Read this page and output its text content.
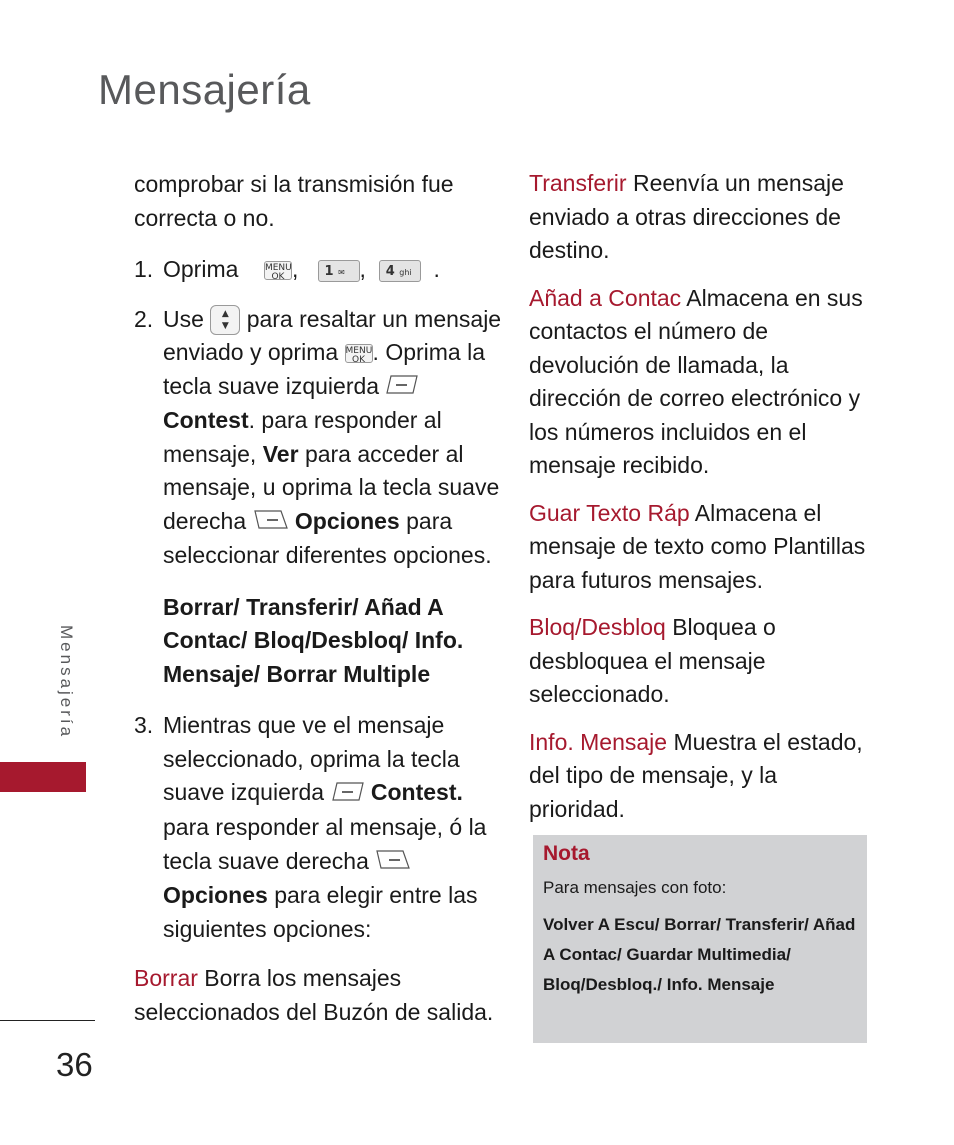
Mensajería
Mensajería
36

comprobar si la transmisión fue correcta o no.

1. Oprima	MENU
OK , 1 ✉ , 4 ghi .
2. Use ▲
▼ para resaltar un mensaje enviado y oprima MENU
OK . Oprima la tecla suave izquierda Contest. para responder al mensaje, Ver para acceder al mensaje, u oprima la tecla suave derecha Opciones para seleccionar diferentes opciones.
Borrar/ Transferir/ Añad A Contac/ Bloq/Desbloq/ Info. Mensaje/ Borrar Multiple
3. Mientras que ve el mensaje seleccionado, oprima la tecla suave izquierda Contest. para responder al mensaje, ó la tecla suave derecha  Opciones para elegir entre las siguientes opciones:

Borrar Borra los mensajes seleccionados del Buzón de salida.

Transferir Reenvía un mensaje enviado a otras direcciones de destino.

Añad a Contac Almacena en sus contactos el número de devolución de llamada, la dirección de correo electrónico y los números incluidos en el mensaje recibido.

Guar Texto Ráp Almacena el mensaje de texto como Plantillas para futuros mensajes.

Bloq/Desbloq Bloquea o desbloquea el mensaje seleccionado.

Info. Mensaje Muestra el estado, del tipo de mensaje, y la prioridad.

Nota
Para mensajes con foto:
Volver A Escu/ Borrar/ Transferir/ Añad A Contac/ Guardar Multimedia/ Bloq/Desbloq./ Info. Mensaje
